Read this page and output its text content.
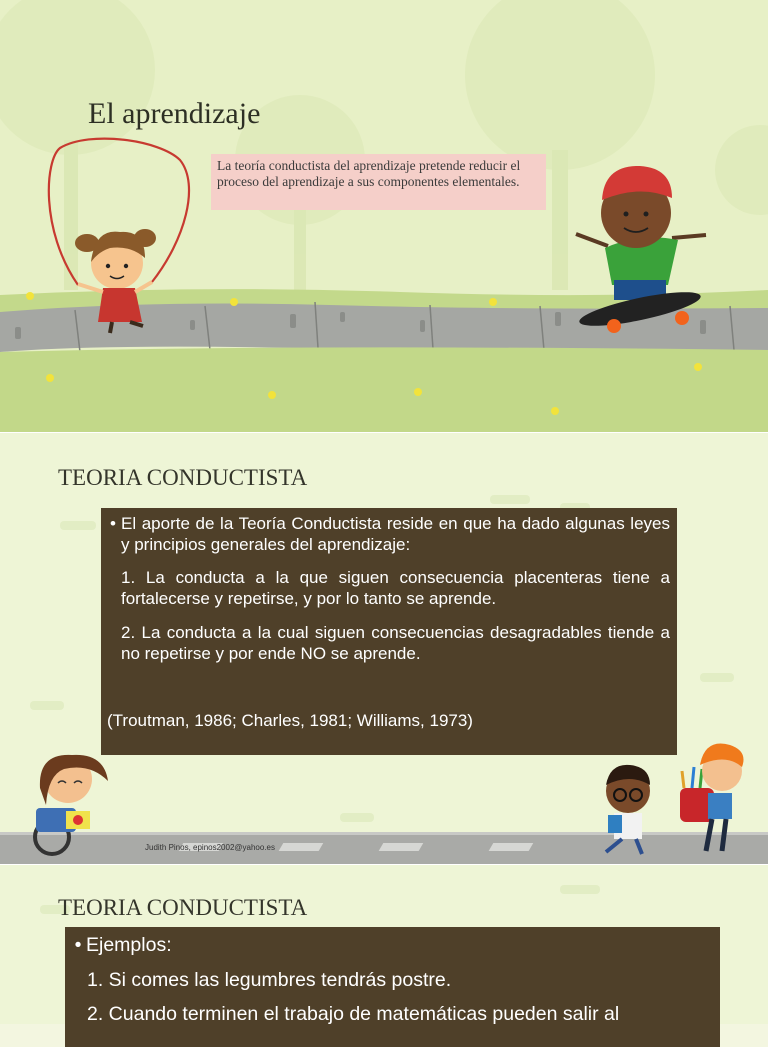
El aprendizaje
La teoría conductista del aprendizaje pretende reducir el proceso del aprendizaje a sus componentes elementales.
TEORIA CONDUCTISTA
Judith Pinos, epinos2002@yahoo.es
• El aporte de la Teoría Conductista reside en que ha dado algunas leyes y principios generales del aprendizaje:
1. La conducta a la que siguen consecuencia placenteras tiene a fortalecerse y repetirse, y por lo tanto se aprende.
2. La conducta a la cual siguen consecuencias desagradables tiende a no repetirse y por ende NO se aprende.
(Troutman, 1986; Charles, 1981; Williams, 1973)
TEORIA CONDUCTISTA
• Ejemplos:
1. Si comes las legumbres tendrás postre.
2. Cuando terminen el trabajo de matemáticas pueden salir al
